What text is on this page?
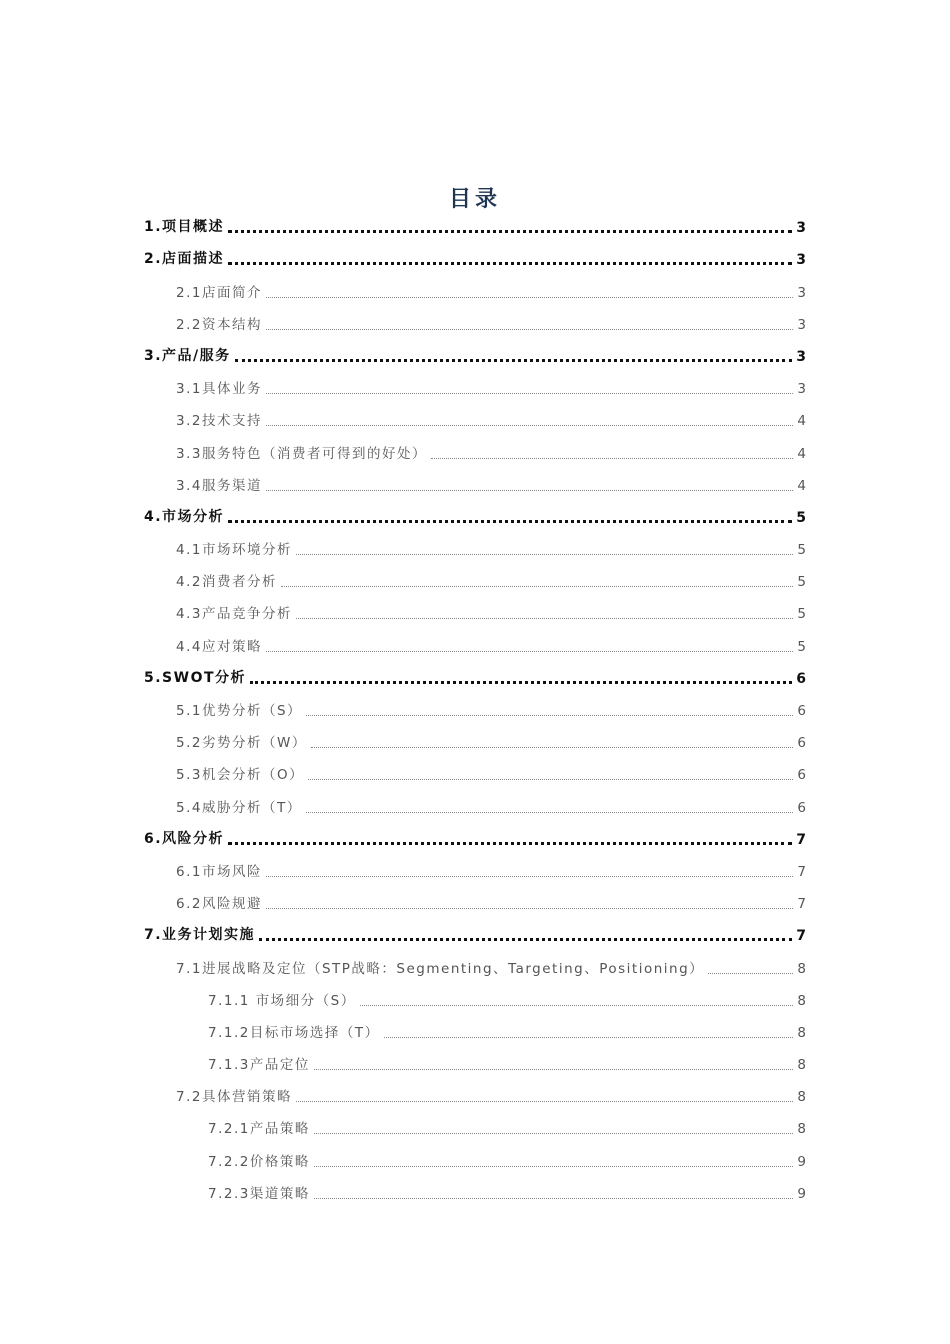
目录
1.项目概述	3
2.店面描述	3
2.1店面简介	3
2.2资本结构	3
3.产品/服务	3
3.1具体业务	3
3.2技术支持	4
3.3服务特色（消费者可得到的好处）	4
3.4服务渠道	4
4.市场分析	5
4.1市场环境分析	5
4.2消费者分析	5
4.3产品竞争分析	5
4.4应对策略	5
5.SWOT分析	6
5.1优势分析（S）	6
5.2劣势分析（W）	6
5.3机会分析（O）	6
5.4威胁分析（T）	6
6.风险分析	7
6.1市场风险	7
6.2风险规避	7
7.业务计划实施	7
7.1进展战略及定位（STP战略：Segmenting、Targeting、Positioning）	8
7.1.1 市场细分（S）	8
7.1.2目标市场选择（T）	8
7.1.3产品定位	8
7.2具体营销策略	8
7.2.1产品策略	8
7.2.2价格策略	9
7.2.3渠道策略	9
